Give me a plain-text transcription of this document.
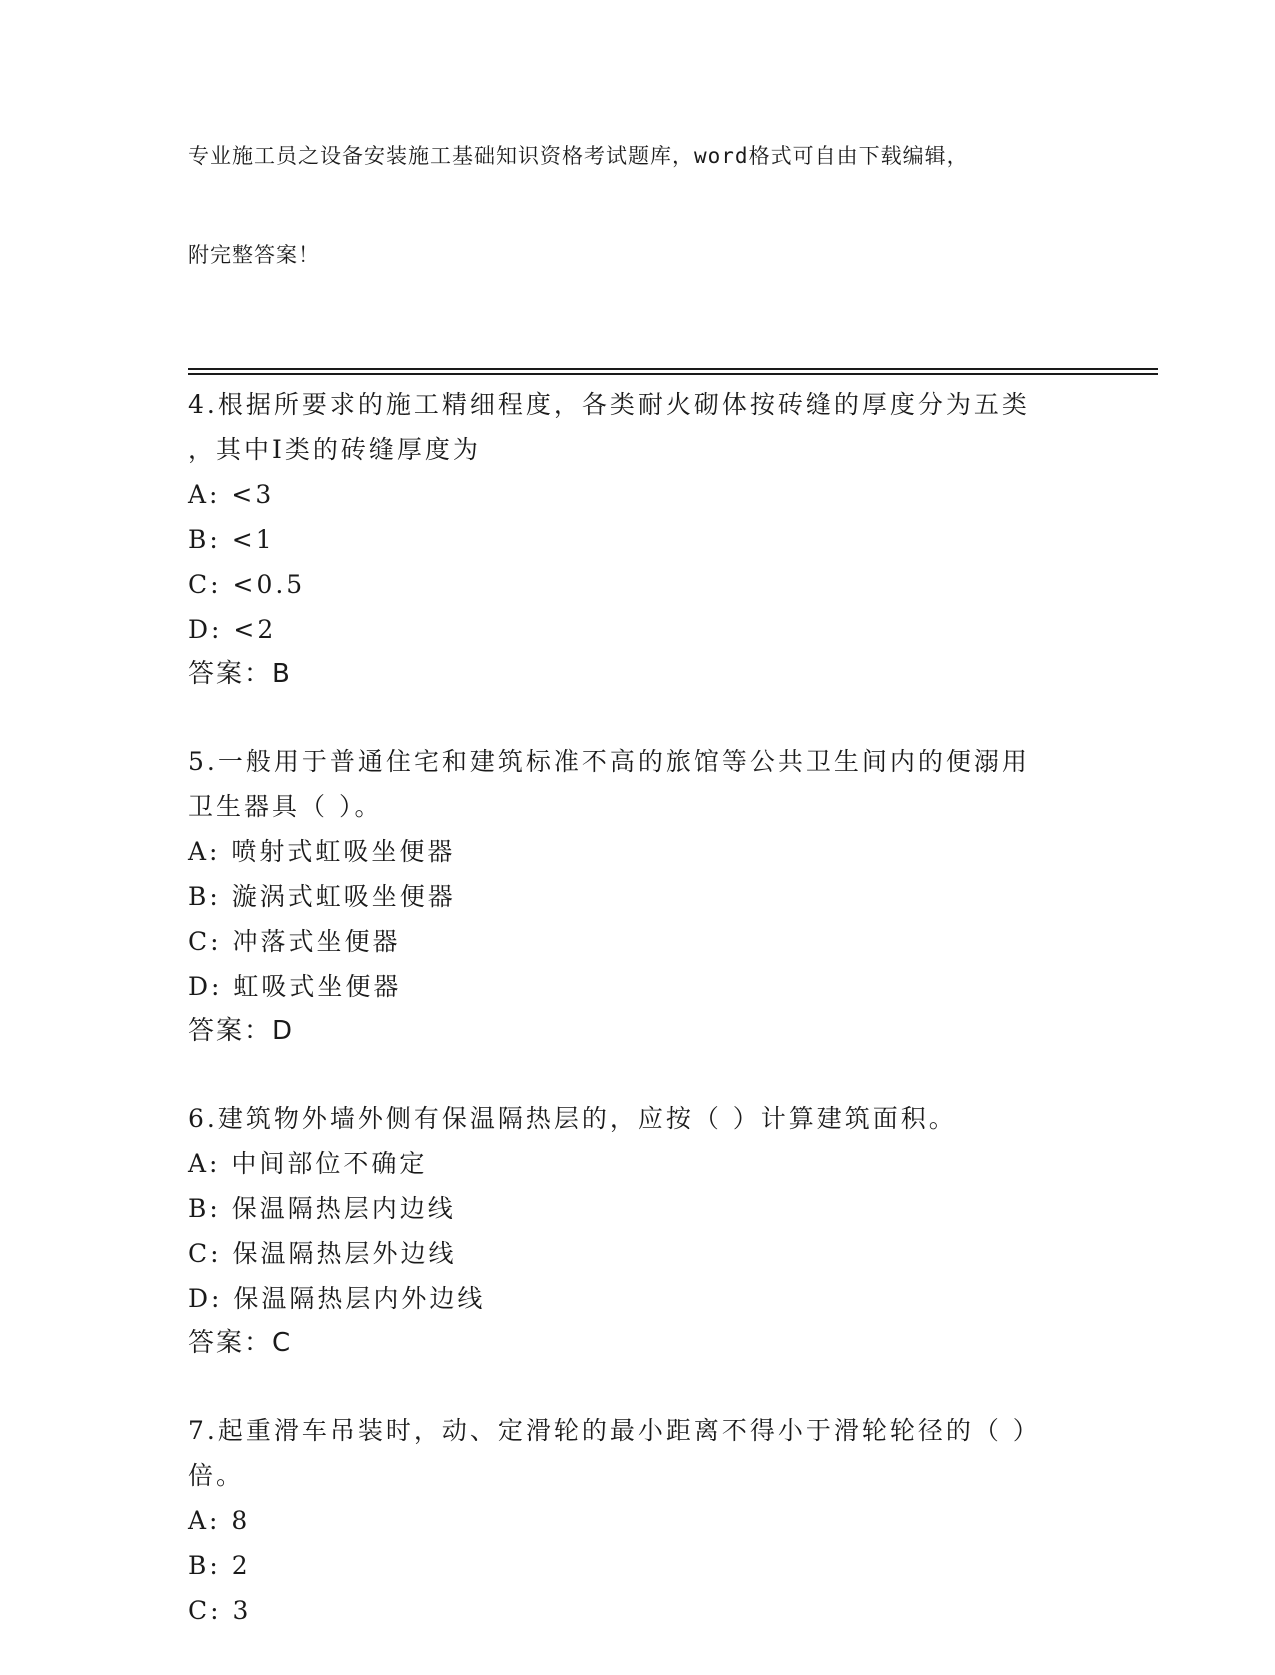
专业施工员之设备安装施工基础知识资格考试题库，word格式可自由下载编辑，

附完整答案！

4.根据所要求的施工精细程度，各类耐火砌体按砖缝的厚度分为五类
，其中Ⅰ类的砖缝厚度为
A: <3
B: <1
C: <0.5
D: <2
答案：B
5.一般用于普通住宅和建筑标准不高的旅馆等公共卫生间内的便溺用
卫生器具（ ）。
A: 喷射式虹吸坐便器
B: 漩涡式虹吸坐便器
C: 冲落式坐便器
D: 虹吸式坐便器
答案：D
6.建筑物外墙外侧有保温隔热层的，应按（ ）计算建筑面积。
A: 中间部位不确定
B: 保温隔热层内边线
C: 保温隔热层外边线
D: 保温隔热层内外边线
答案：C
7.起重滑车吊装时，动、定滑轮的最小距离不得小于滑轮轮径的（ ）
倍。
A: 8
B: 2
C: 3
